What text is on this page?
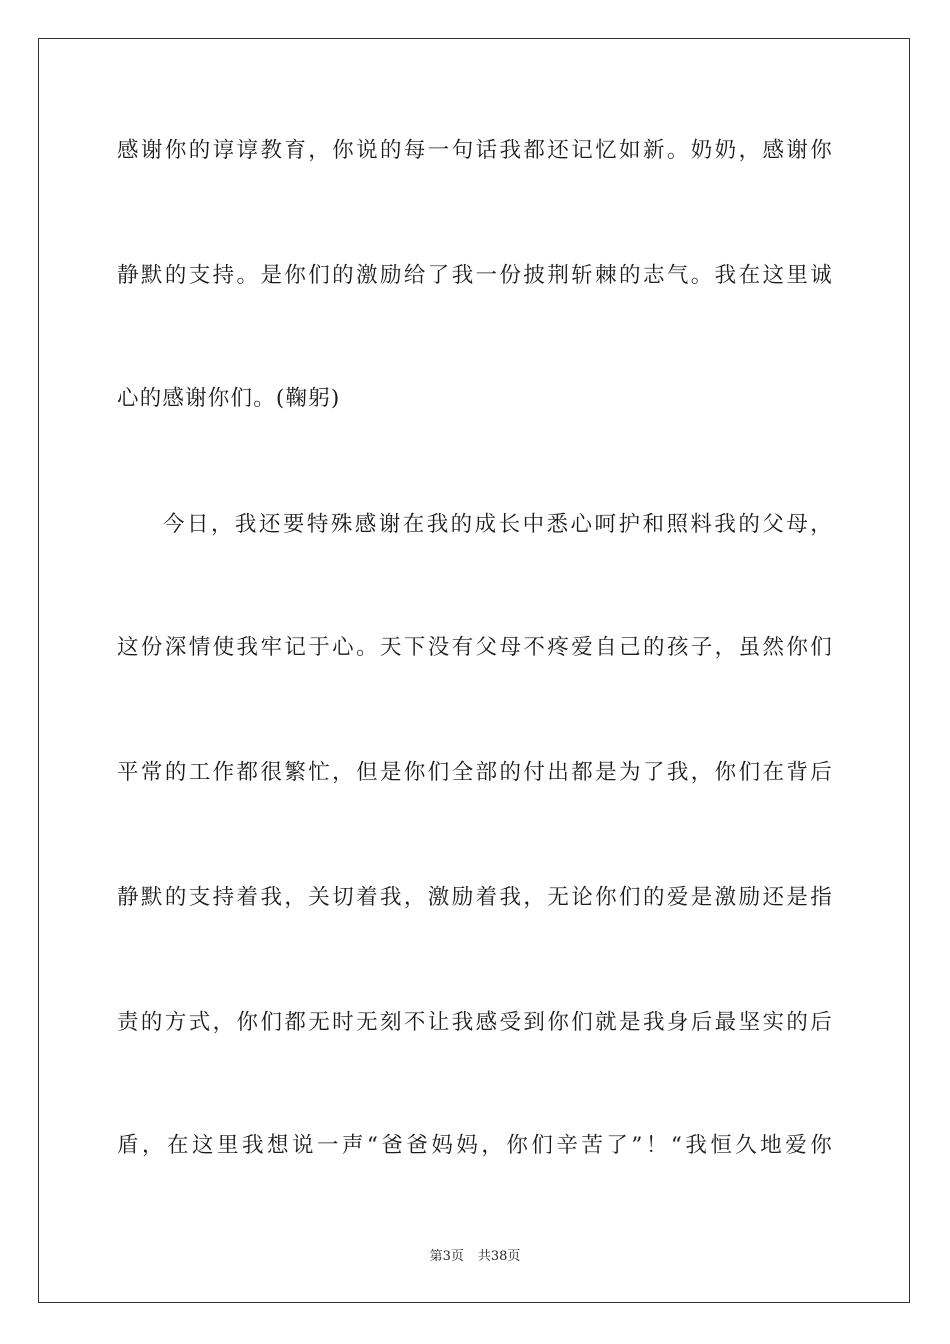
感谢你的谆谆教育，你说的每一句话我都还记忆如新。奶奶，感谢你
静默的支持。是你们的激励给了我一份披荆斩棘的志气。我在这里诚
心的感谢你们。(鞠躬)
今日，我还要特殊感谢在我的成长中悉心呵护和照料我的父母，
这份深情使我牢记于心。天下没有父母不疼爱自己的孩子，虽然你们
平常的工作都很繁忙，但是你们全部的付出都是为了我，你们在背后
静默的支持着我，关切着我，激励着我，无论你们的爱是激励还是指
责的方式，你们都无时无刻不让我感受到你们就是我身后最坚实的后
盾，在这里我想说一声“爸爸妈妈，你们辛苦了”！“我恒久地爱你
第3页 共38页
